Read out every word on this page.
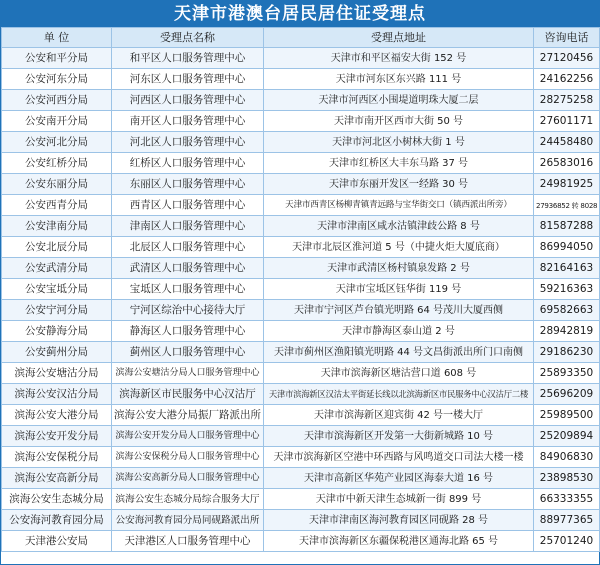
天津市港澳台居民居住证受理点
单 位	受理点名称	受理点地址	咨询电话
公安和平分局	和平区人口服务管理中心	天津市和平区福安大街 152 号	27120456
公安河东分局	河东区人口服务管理中心	天津市河东区东兴路 111 号	24162256
公安河西分局	河西区人口服务管理中心	天津市河西区小围堤道明珠大厦二层	28275258
公安南开分局	南开区人口服务管理中心	天津市南开区西市大街 50 号	27601171
公安河北分局	河北区人口服务管理中心	天津市河北区小树林大街 1 号	24458480
公安红桥分局	红桥区人口服务管理中心	天津市红桥区大丰东马路 37 号	26583016
公安东丽分局	东丽区人口服务管理中心	天津市东丽开发区一经路 30 号	24981925
公安西青分局	西青区人口服务管理中心	天津市西青区杨柳青镇青远路与宝华街交口（镇西派出所旁）	27936852 转 8028
公安津南分局	津南区人口服务管理中心	天津市津南区咸水沽镇津歧公路 8 号	81587288
公安北辰分局	北辰区人口服务管理中心	天津市北辰区淮河道 5 号（中捷火炬大厦底商）	86994050
公安武清分局	武清区人口服务管理中心	天津市武清区杨村镇泉发路 2 号	82164163
公安宝坻分局	宝坻区人口服务管理中心	天津市宝坻区钰华街 119 号	59216363
公安宁河分局	宁河区综治中心接待大厅	天津市宁河区芦台镇光明路 64 号茂川大厦西侧	69582663
公安静海分局	静海区人口服务管理中心	天津市静海区泰山道 2 号	28942819
公安蓟州分局	蓟州区人口服务管理中心	天津市蓟州区渔阳镇光明路 44 号文昌街派出所门口南侧	29186230
滨海公安塘沽分局	滨海公安塘沽分局人口服务管理中心	天津市滨海新区塘沽营口道 608 号	25893350
滨海公安汉沽分局	滨海新区市民服务中心汉沽厅	天津市滨海新区汉沽太平街延长线以北滨海新区市民服务中心汉沽厅二楼	25696209
滨海公安大港分局	滨海公安大港分局振厂路派出所	天津市滨海新区迎宾街 42 号一楼大厅	25989500
滨海公安开发分局	滨海公安开发分局人口服务管理中心	天津市滨海新区开发第一大街新城路 10 号	25209894
滨海公安保税分局	滨海公安保税分局人口服务管理中心	天津市滨海新区空港中环西路与风鸣道交口司法大楼一楼	84906830
滨海公安高新分局	滨海公安高新分局人口服务管理中心	天津市高新区华苑产业园区海泰大道 16 号	23898530
滨海公安生态城分局	滨海公安生态城分局综合服务大厅	天津市中新天津生态城新一街 899 号	66333355
公安海河教育园分局	公安海河教育园分局同砚路派出所	天津市津南区海河教育园区同砚路 28 号	88977365
天津港公安局	天津港区人口服务管理中心	天津市滨海新区东疆保税港区通海北路 65 号	25701240
